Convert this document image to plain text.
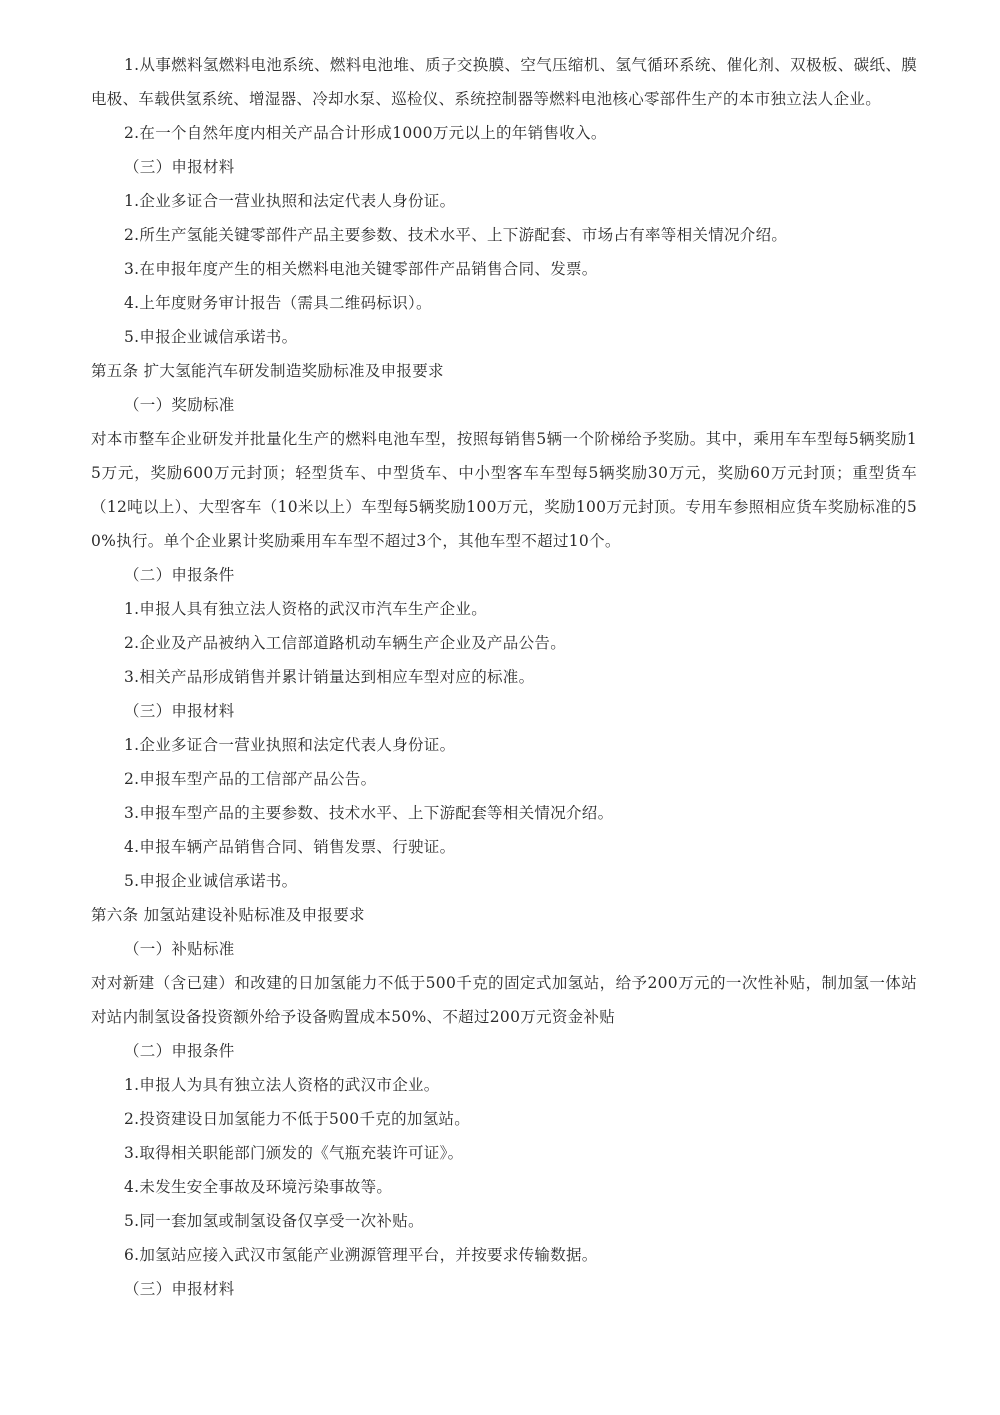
1.从事燃料氢燃料电池系统、燃料电池堆、质子交换膜、空气压缩机、氢气循环系统、催化剂、双极板、碳纸、膜电极、车载供氢系统、增湿器、冷却水泵、巡检仪、系统控制器等燃料电池核心零部件生产的本市独立法人企业。

2.在一个自然年度内相关产品合计形成1000万元以上的年销售收入。

（三）申报材料

1.企业多证合一营业执照和法定代表人身份证。

2.所生产氢能关键零部件产品主要参数、技术水平、上下游配套、市场占有率等相关情况介绍。

3.在申报年度产生的相关燃料电池关键零部件产品销售合同、发票。

4.上年度财务审计报告（需具二维码标识）。

5.申报企业诚信承诺书。

第五条 扩大氢能汽车研发制造奖励标准及申报要求

（一）奖励标准

对本市整车企业研发并批量化生产的燃料电池车型，按照每销售5辆一个阶梯给予奖励。其中，乘用车车型每5辆奖励15万元，奖励600万元封顶；轻型货车、中型货车、中小型客车车型每5辆奖励30万元，奖励60万元封顶；重型货车（12吨以上）、大型客车（10米以上）车型每5辆奖励100万元，奖励100万元封顶。专用车参照相应货车奖励标准的50%执行。单个企业累计奖励乘用车车型不超过3个，其他车型不超过10个。

（二）申报条件

1.申报人具有独立法人资格的武汉市汽车生产企业。

2.企业及产品被纳入工信部道路机动车辆生产企业及产品公告。

3.相关产品形成销售并累计销量达到相应车型对应的标准。

（三）申报材料

1.企业多证合一营业执照和法定代表人身份证。

2.申报车型产品的工信部产品公告。

3.申报车型产品的主要参数、技术水平、上下游配套等相关情况介绍。

4.申报车辆产品销售合同、销售发票、行驶证。

5.申报企业诚信承诺书。

第六条 加氢站建设补贴标准及申报要求

（一）补贴标准

对对新建（含已建）和改建的日加氢能力不低于500千克的固定式加氢站，给予200万元的一次性补贴，制加氢一体站对站内制氢设备投资额外给予设备购置成本50%、不超过200万元资金补贴

（二）申报条件

1.申报人为具有独立法人资格的武汉市企业。

2.投资建设日加氢能力不低于500千克的加氢站。

3.取得相关职能部门颁发的《气瓶充装许可证》。

4.未发生安全事故及环境污染事故等。

5.同一套加氢或制氢设备仅享受一次补贴。

6.加氢站应接入武汉市氢能产业溯源管理平台，并按要求传输数据。

（三）申报材料
